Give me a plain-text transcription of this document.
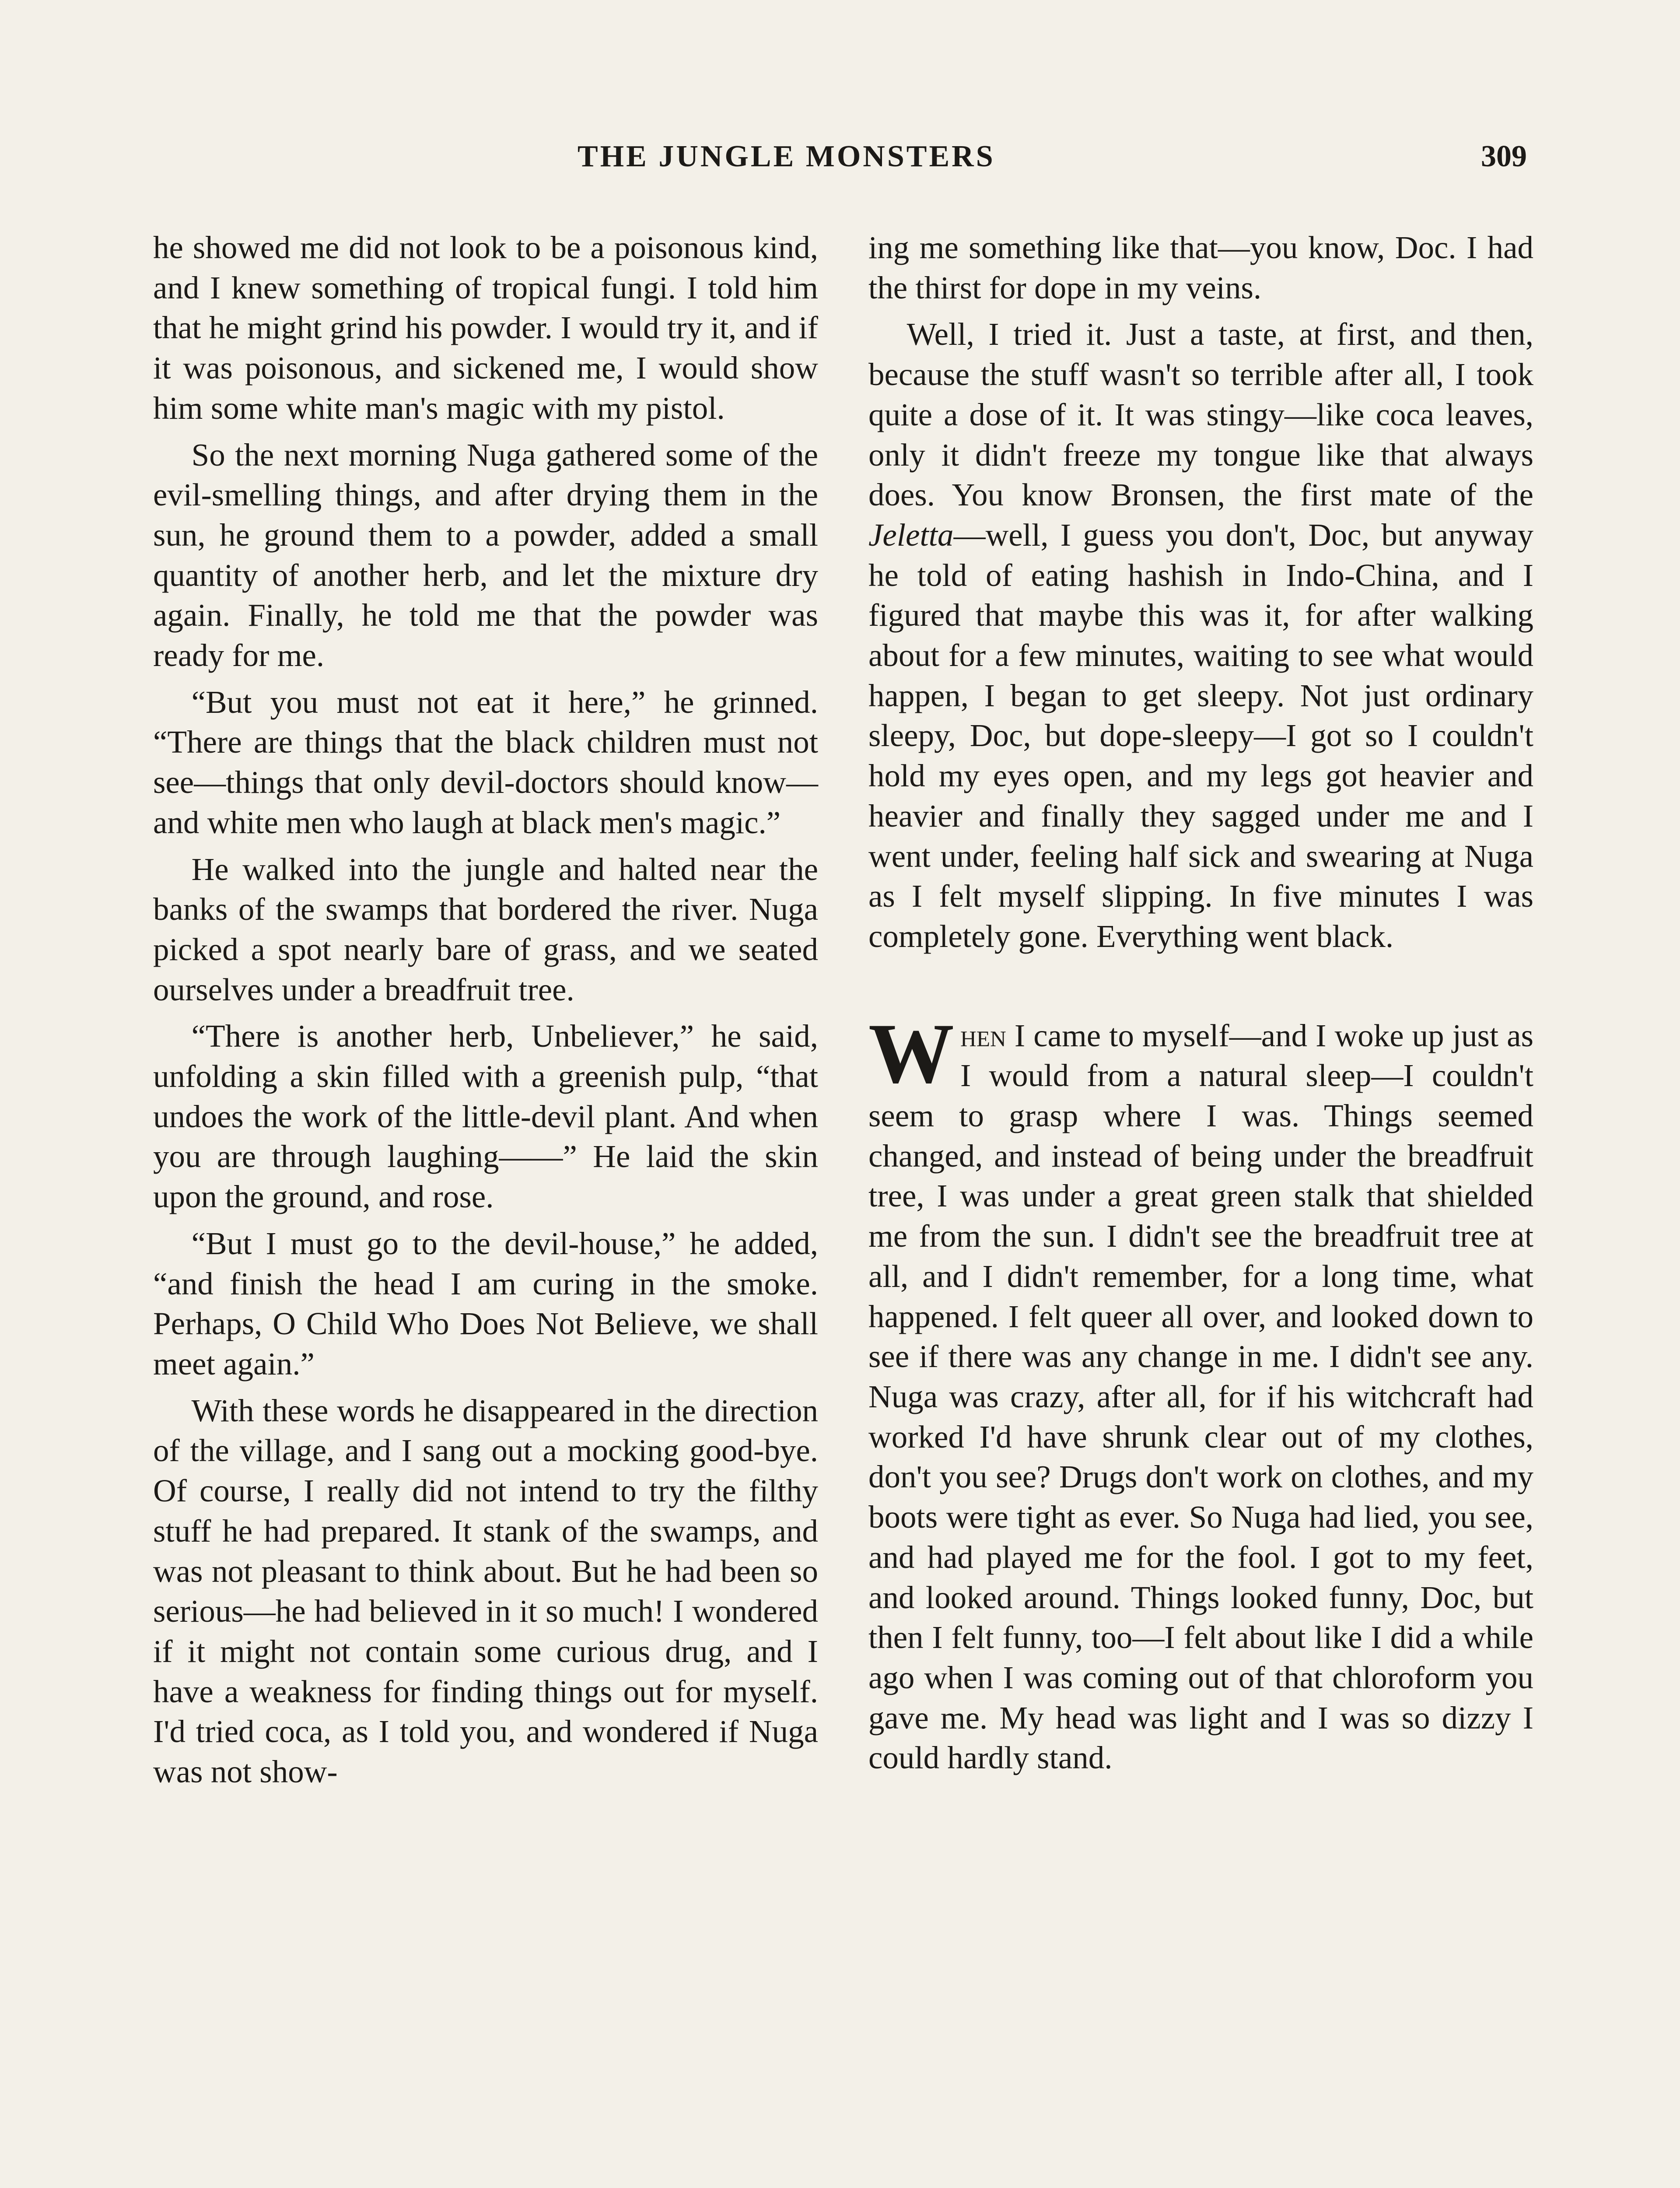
THE JUNGLE MONSTERS	309

he showed me did not look to be a poisonous kind, and I knew something of tropical fungi. I told him that he might grind his powder. I would try it, and if it was poisonous, and sickened me, I would show him some white man's magic with my pistol.

So the next morning Nuga gathered some of the evil-smelling things, and after drying them in the sun, he ground them to a powder, added a small quantity of another herb, and let the mixture dry again. Finally, he told me that the powder was ready for me.

“But you must not eat it here,” he grinned. “There are things that the black children must not see—things that only devil-doctors should know—and white men who laugh at black men's magic.”

He walked into the jungle and halted near the banks of the swamps that bordered the river. Nuga picked a spot nearly bare of grass, and we seated ourselves under a breadfruit tree.

“There is another herb, Unbeliever,” he said, unfolding a skin filled with a greenish pulp, “that undoes the work of the little-devil plant. And when you are through laughing——” He laid the skin upon the ground, and rose.

“But I must go to the devil-house,” he added, “and finish the head I am curing in the smoke. Perhaps, O Child Who Does Not Believe, we shall meet again.”

With these words he disappeared in the direction of the village, and I sang out a mocking good-bye. Of course, I really did not intend to try the filthy stuff he had prepared. It stank of the swamps, and was not pleasant to think about. But he had been so serious—he had believed in it so much! I wondered if it might not contain some curious drug, and I have a weakness for finding things out for myself. I'd tried coca, as I told you, and wondered if Nuga was not show-

ing me something like that—you know, Doc. I had the thirst for dope in my veins.

Well, I tried it. Just a taste, at first, and then, because the stuff wasn't so terrible after all, I took quite a dose of it. It was stingy—like coca leaves, only it didn't freeze my tongue like that always does. You know Bronsen, the first mate of the Jeletta—well, I guess you don't, Doc, but anyway he told of eating hashish in Indo-China, and I figured that maybe this was it, for after walking about for a few minutes, waiting to see what would happen, I began to get sleepy. Not just ordinary sleepy, Doc, but dope-sleepy—I got so I couldn't hold my eyes open, and my legs got heavier and heavier and finally they sagged under me and I went under, feeling half sick and swearing at Nuga as I felt myself slipping. In five minutes I was completely gone. Everything went black.

When I came to myself—and I woke up just as I would from a natural sleep—I couldn't seem to grasp where I was. Things seemed changed, and instead of being under the breadfruit tree, I was under a great green stalk that shielded me from the sun. I didn't see the breadfruit tree at all, and I didn't remember, for a long time, what happened. I felt queer all over, and looked down to see if there was any change in me. I didn't see any. Nuga was crazy, after all, for if his witchcraft had worked I'd have shrunk clear out of my clothes, don't you see? Drugs don't work on clothes, and my boots were tight as ever. So Nuga had lied, you see, and had played me for the fool. I got to my feet, and looked around. Things looked funny, Doc, but then I felt funny, too—I felt about like I did a while ago when I was coming out of that chloroform you gave me. My head was light and I was so dizzy I could hardly stand.
